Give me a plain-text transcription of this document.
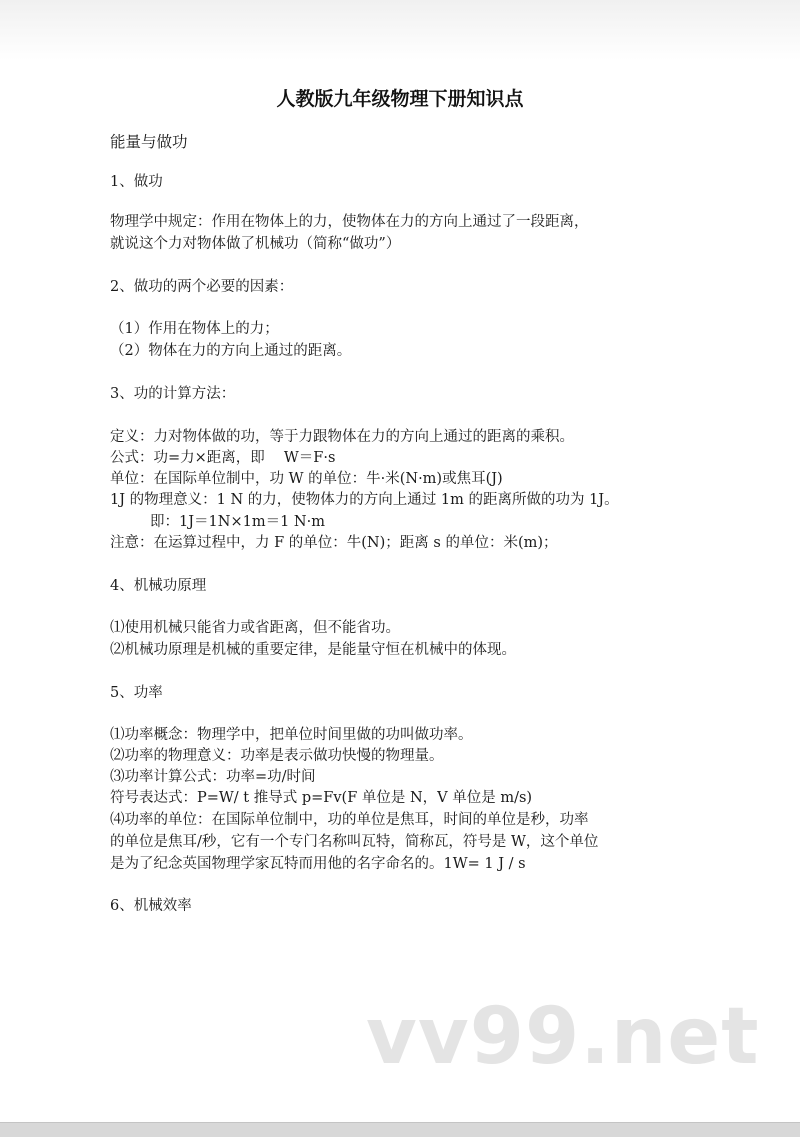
人教版九年级物理下册知识点

能量与做功

1、做功

物理学中规定：作用在物体上的力，使物体在力的方向上通过了一段距离，

就说这个力对物体做了机械功（简称“做功”）

2、做功的两个必要的因素：

（1）作用在物体上的力；

（2）物体在力的方向上通过的距离。

3、功的计算方法：

定义：力对物体做的功，等于力跟物体在力的方向上通过的距离的乘积。

公式：功=力×距离，即　 W＝F·s

单位：在国际单位制中，功 W 的单位：牛·米(N·m)或焦耳(J)

1J 的物理意义：1 N 的力，使物体力的方向上通过 1m 的距离所做的功为 1J。

即：1J＝1N×1m＝1 N·m

注意：在运算过程中，力 F 的单位：牛(N)；距离 s 的单位：米(m)；

4、机械功原理

⑴使用机械只能省力或省距离，但不能省功。

⑵机械功原理是机械的重要定律，是能量守恒在机械中的体现。

5、功率

⑴功率概念：物理学中，把单位时间里做的功叫做功率。

⑵功率的物理意义：功率是表示做功快慢的物理量。

⑶功率计算公式：功率=功/时间

符号表达式：P=W/ t 推导式 p=Fv(F 单位是 N，V 单位是 m/s)

⑷功率的单位：在国际单位制中，功的单位是焦耳，时间的单位是秒，功率

的单位是焦耳/秒，它有一个专门名称叫瓦特，简称瓦，符号是 W，这个单位

是为了纪念英国物理学家瓦特而用他的名字命名的。1W= 1 J / s

6、机械效率

vv99.net
